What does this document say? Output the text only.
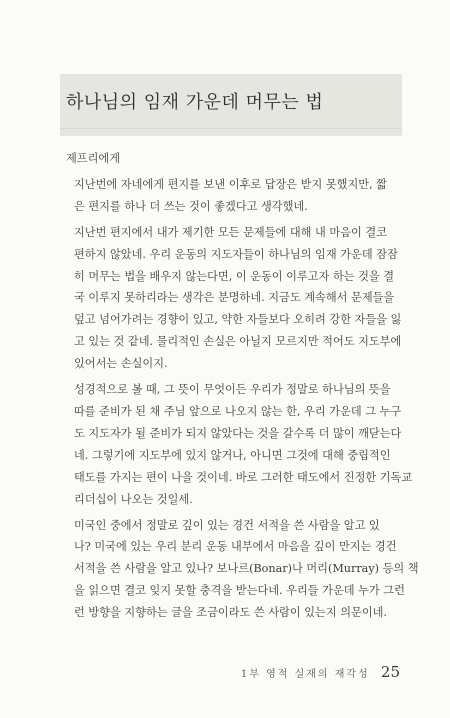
하나님의 임재 가운데 머무는 법

제프리에게

지난번에 자네에게 편지를 보낸 이후로 답장은 받지 못했지만, 짧
은 편지를 하나 더 쓰는 것이 좋겠다고 생각했네.

지난번 편지에서 내가 제기한 모든 문제들에 대해 내 마음이 결코
편하지 않았네. 우리 운동의 지도자들이 하나님의 임재 가운데 잠잠
히 머무는 법을 배우지 않는다면, 이 운동이 이루고자 하는 것을 결
국 이루지 못하리라는 생각은 분명하네. 지금도 계속해서 문제들을
덮고 넘어가려는 경향이 있고, 약한 자들보다 오히려 강한 자들을 잃
고 있는 것 같네. 물리적인 손실은 아닐지 모르지만 적어도 지도부에
있어서는 손실이지.

성경적으로 볼 때, 그 뜻이 무엇이든 우리가 정말로 하나님의 뜻을
따를 준비가 된 채 주님 앞으로 나오지 않는 한, 우리 가운데 그 누구
도 지도자가 될 준비가 되지 않았다는 것을 갈수록 더 많이 깨닫는다
네. 그렇기에 지도부에 있지 않거나, 아니면 그것에 대해 중립적인
태도를 가지는 편이 나을 것이네. 바로 그러한 태도에서 진정한 기독교
리더십이 나오는 것일세.

미국인 중에서 정말로 깊이 있는 경건 서적을 쓴 사람을 알고 있
나? 미국에 있는 우리 분리 운동 내부에서 마음을 깊이 만지는 경건
서적을 쓴 사람을 알고 있나? 보나르(Bonar)나 머리(Murray) 등의 책
을 읽으면 결코 잊지 못할 충격을 받는다네. 우리들 가운데 누가 그런
런 방향을 지향하는 글을 조금이라도 쓴 사람이 있는지 의문이네.

1부 영적 실재의 재각성 25
